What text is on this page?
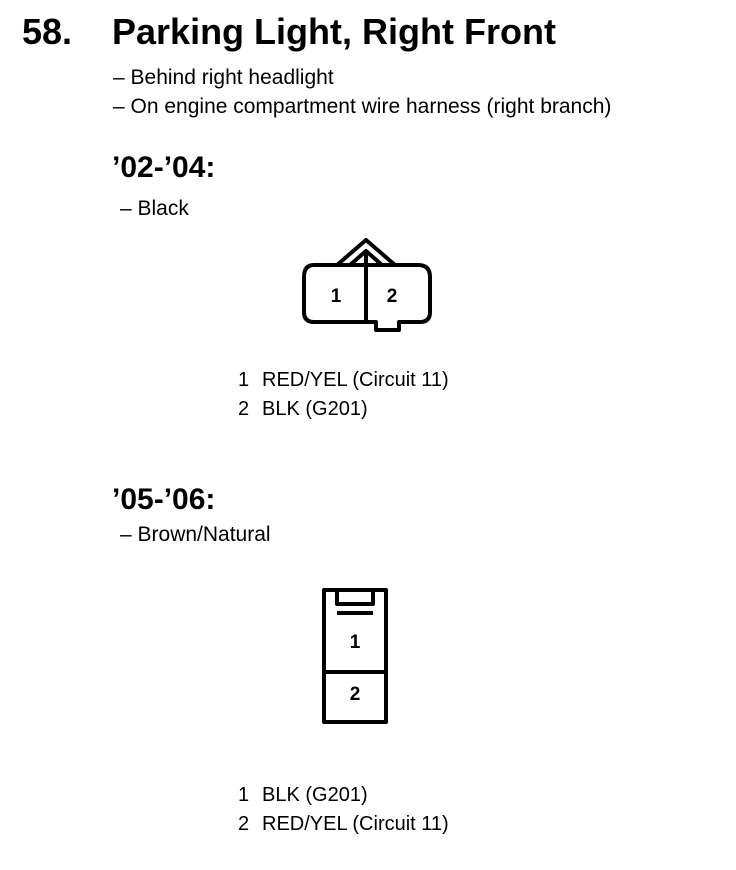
58. Parking Light, Right Front
– Behind right headlight
– On engine compartment wire harness (right branch)
’02-’04:
– Black
1 2
1 RED/YEL (Circuit 11)
2 BLK (G201)
’05-’06:
– Brown/Natural
1
2
1 BLK (G201)
2 RED/YEL (Circuit 11)
